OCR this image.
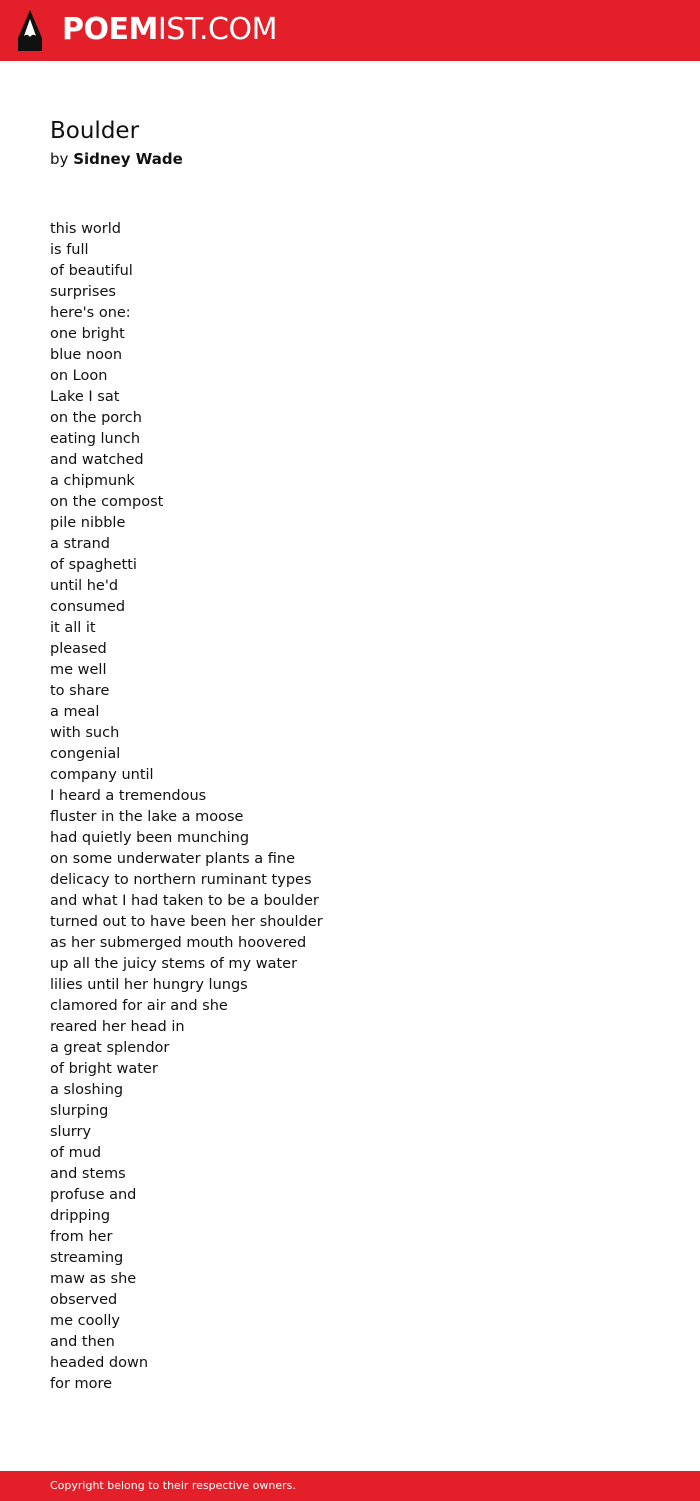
POEMIST.COM
Boulder
by Sidney Wade
this world
is full
of beautiful
surprises
here's one:
one bright
blue noon
on Loon
Lake I sat
on the porch
eating lunch
and watched
a chipmunk
on the compost
pile nibble
a strand
of spaghetti
until he'd
consumed
it all it
pleased
me well
to share
a meal
with such
congenial
company until
I heard a tremendous
fluster in the lake a moose
had quietly been munching
on some underwater plants a fine
delicacy to northern ruminant types
and what I had taken to be a boulder
turned out to have been her shoulder
as her submerged mouth hoovered
up all the juicy stems of my water
lilies until her hungry lungs
clamored for air and she
reared her head in
a great splendor
of bright water
a sloshing
slurping
slurry
of mud
and stems
profuse and
dripping
from her
streaming
maw as she
observed
me coolly
and then
headed down
for more
Copyright belong to their respective owners.
